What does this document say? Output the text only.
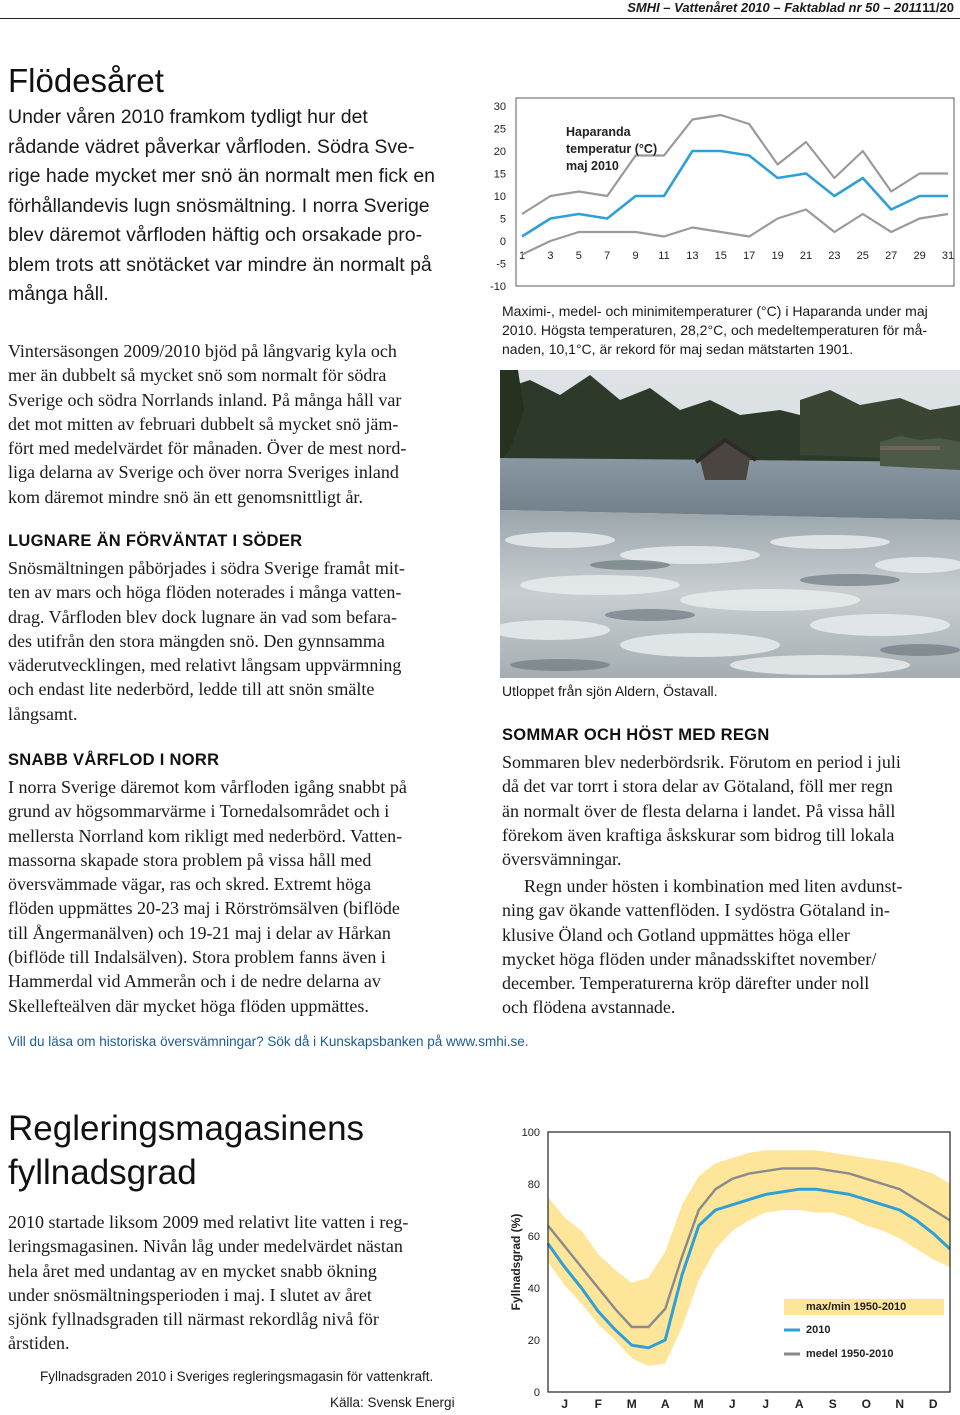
SMHI – Vattenåret 2010 – Faktablad nr 50 – 2011 11/20
Flödesåret
Under våren 2010 framkom tydligt hur det
rådande vädret påverkar vårfloden. Södra Sve-
rige hade mycket mer snö än normalt men fick en
förhållandevis lugn snösmältning. I norra Sverige
blev däremot vårfloden häftig och orsakade pro-
blem trots att snötäcket var mindre än normalt på
många håll.
Vintersäsongen 2009/2010 bjöd på långvarig kyla och
mer än dubbelt så mycket snö som normalt för södra
Sverige och södra Norrlands inland. På många håll var
det mot mitten av februari dubbelt så mycket snö jäm-
fört med medelvärdet för månaden. Över de mest nord-
liga delarna av Sverige och över norra Sveriges inland
kom däremot mindre snö än ett genomsnittligt år.
LUGNARE ÄN FÖRVÄNTAT I SÖDER
Snösmältningen påbörjades i södra Sverige framåt mit-
ten av mars och höga flöden noterades i många vatten-
drag. Vårfloden blev dock lugnare än vad som befara-
des utifrån den stora mängden snö. Den gynnsamma
väderutvecklingen, med relativt långsam uppvärmning
och endast lite nederbörd, ledde till att snön smälte
långsamt.
SNABB VÅRFLOD I NORR
I norra Sverige däremot kom vårfloden igång snabbt på
grund av högsommarvärme i Tornedalsområdet och i
mellersta Norrland kom rikligt med nederbörd. Vatten-
massorna skapade stora problem på vissa håll med
översvämmade vägar, ras och skred. Extremt höga
flöden uppmättes 20-23 maj i Rörströmsälven (biflöde
till Ångermanälven) och 19-21 maj i delar av Hårkan
(biflöde till Indalsälven). Stora problem fanns även i
Hammerdal vid Ammerån och i de nedre delarna av
Skellefteälven där mycket höga flöden uppmättes.
Vill du läsa om historiska översvämningar? Sök då i Kunskapsbanken på www.smhi.se.
30
25
20
15
10
5
0
-5
-10
1 3 5 7 9 11 13 15 17 19 21 23 25 27 29 31
Haparanda
temperatur (°C)
maj 2010
Maximi-, medel- och minimitemperaturer (°C) i Haparanda under maj
2010. Högsta temperaturen, 28,2°C, och medeltemperaturen för må-
naden, 10,1°C, är rekord för maj sedan mätstarten 1901.
Utloppet från sjön Aldern, Östavall.
SOMMAR OCH HÖST MED REGN
Sommaren blev nederbördsrik. Förutom en period i juli
då det var torrt i stora delar av Götaland, föll mer regn
än normalt över de flesta delarna i landet. På vissa håll
förekom även kraftiga åskskurar som bidrog till lokala
översvämningar.
Regn under hösten i kombination med liten avdunst-
ning gav ökande vattenflöden. I sydöstra Götaland in-
klusive Öland och Gotland uppmättes höga eller
mycket höga flöden under månadsskiftet november/
december. Temperaturerna kröp därefter under noll
och flödena avstannade.
Regleringsmagasinens
fyllnadsgrad
2010 startade liksom 2009 med relativt lite vatten i reg-
leringsmagasinen. Nivån låg under medelvärdet nästan
hela året med undantag av en mycket snabb ökning
under snösmältningsperioden i maj. I slutet av året
sjönk fyllnadsgraden till närmast rekordlåg nivå för
årstiden.
Fyllnadsgraden 2010 i Sveriges regleringsmagasin för vattenkraft.
Källa: Svensk Energi
100
80
60
40
20
0
J F M A M J J A S O N D
Fyllnadsgrad (%)	max/min 1950-2010
2010
medel 1950-2010
